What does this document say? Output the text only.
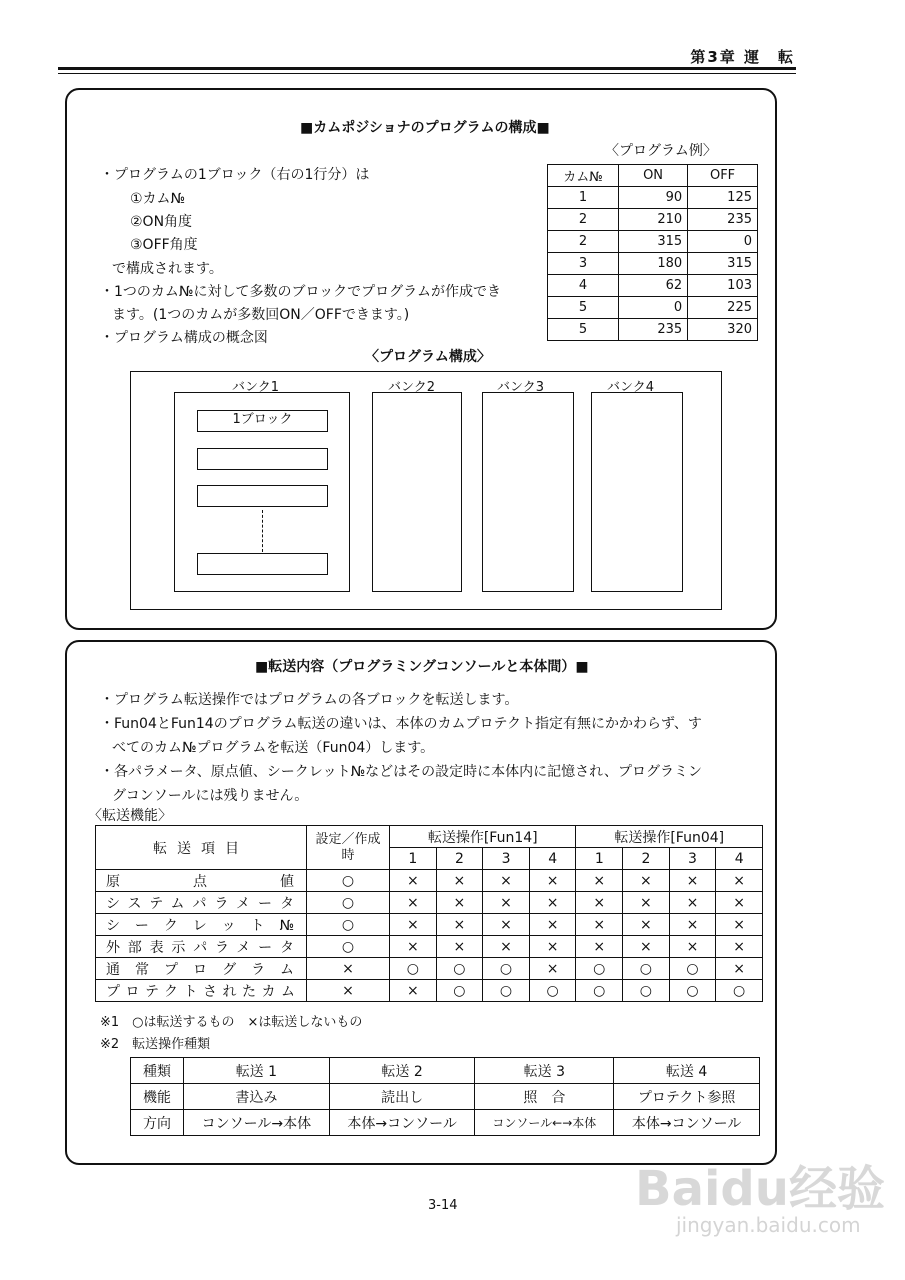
第3章 運　転
■カムポジショナのプログラムの構成■
・プログラムの1ブロック（右の1行分）は
①カム№
②ON角度
③OFF角度
で構成されます。
・1つのカム№に対して多数のブロックでプログラムが作成でき
ます。(1つのカムが多数回ON／OFFできます。)
・プログラム構成の概念図
〈プログラム例〉
カム№	ON	OFF
1	90	125
2	210	235
2	315	0
3	180	315
4	62	103
5	0	225
5	235	320
〈プログラム構成〉
バンク1	バンク2	バンク3	バンク4
1ブロック
■転送内容（プログラミングコンソールと本体間）■
・プログラム転送操作ではプログラムの各ブロックを転送します。
・Fun04とFun14のプログラム転送の違いは、本体のカムプロテクト指定有無にかかわらず、す
べてのカム№プログラムを転送（Fun04）します。
・各パラメータ、原点値、シークレット№などはその設定時に本体内に記憶され、プログラミン
グコンソールには残りません。
〈転送機能〉
転送項目	設定／作成時	転送操作[Fun14]				転送操作[Fun04]			
		1	2	3	4	1	2	3	4
原点値	○	×	×	×	×	×	×	×	×
システムパラメータ	○	×	×	×	×	×	×	×	×
シークレット№	○	×	×	×	×	×	×	×	×
外部表示パラメータ	○	×	×	×	×	×	×	×	×
通常プログラム	×	○	○	○	×	○	○	○	×
プロテクトされたカム	×	×	○	○	○	○	○	○	○
※1　○は転送するもの　×は転送しないもの
※2　転送操作種類
種類	転送 1	転送 2	転送 3	転送 4
機能	書込み	読出し	照　合	プロテクト参照
方向	コンソール→本体	本体→コンソール	コンソール←→本体	本体→コンソール
3-14	Baidu经验
jingyan.baidu.com
